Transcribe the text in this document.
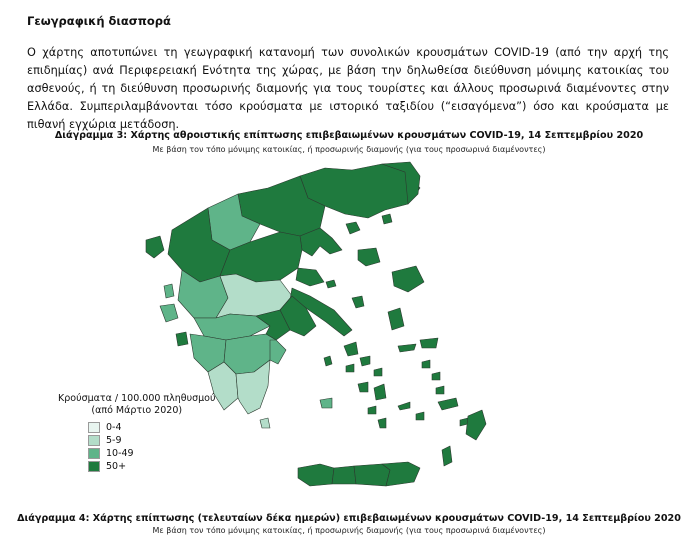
Γεωγραφική διασπορά
Ο χάρτης αποτυπώνει τη γεωγραφική κατανομή των συνολικών κρουσμάτων COVID-19 (από την αρχή της επιδημίας) ανά Περιφερειακή Ενότητα της χώρας, με βάση την δηλωθείσα διεύθυνση μόνιμης κατοικίας του ασθενούς, ή τη διεύθυνση προσωρινής διαμονής για τους τουρίστες και άλλους προσωρινά διαμένοντες στην Ελλάδα. Συμπεριλαμβάνονται τόσο κρούσματα με ιστορικό ταξιδίου (“εισαγόμενα”) όσο και κρούσματα με πιθανή εγχώρια μετάδοση.
Διάγραμμα 3: Χάρτης αθροιστικής επίπτωσης επιβεβαιωμένων κρουσμάτων COVID-19, 14 Σεπτεμβρίου 2020
Με βάση τον τόπο μόνιμης κατοικίας, ή προσωρινής διαμονής (για τους προσωρινά διαμένοντες)
Κρούσματα / 100.000 πληθυσμού
(από Μάρτιο 2020)
0-4
5-9
10-49
50+
Διάγραμμα 4: Χάρτης επίπτωσης (τελευταίων δέκα ημερών) επιβεβαιωμένων κρουσμάτων COVID-19, 14 Σεπτεμβρίου 2020
Με βάση τον τόπο μόνιμης κατοικίας, ή προσωρινής διαμονής (για τους προσωρινά διαμένοντες)
